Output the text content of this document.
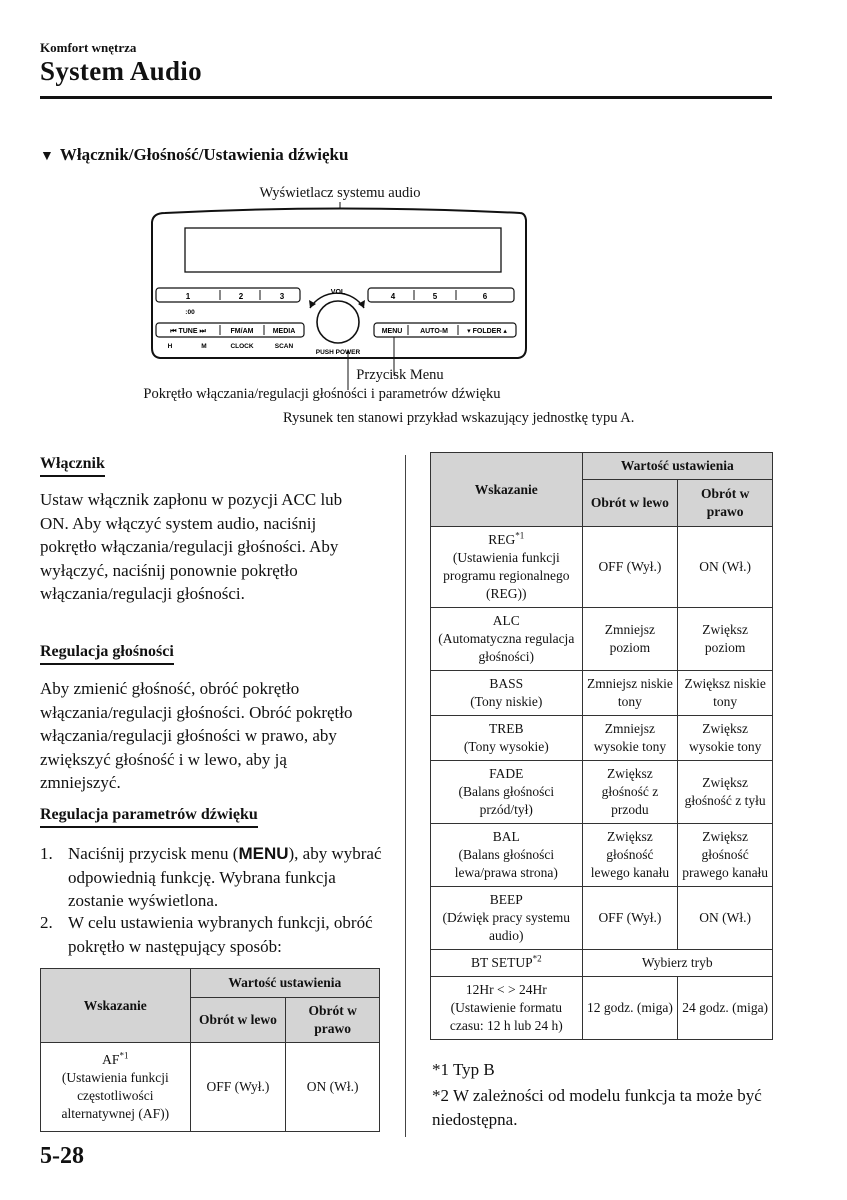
Komfort wnętrza
System Audio
▼ Włącznik/Głośność/Ustawienia dźwięku
Wyświetlacz systemu audio
1	2	3
:00
4	5	6
⏮ TUNE ⏭	FM/AM	MEDIA
H	M	CLOCK	SCAN
MENU	AUTO-M	▾ FOLDER ▴
VOL
PUSH POWER
Przycisk Menu
Pokrętło włączania/regulacji głośności i parametrów dźwięku
Rysunek ten stanowi przykład wskazujący jednostkę typu A.
Włącznik
Ustaw włącznik zapłonu w pozycji ACC lub ON. Aby włączyć system audio, naciśnij pokrętło włączania/regulacji głośności. Aby wyłączyć, naciśnij ponownie pokrętło włączania/regulacji głośności.
Regulacja głośności
Aby zmienić głośność, obróć pokrętło włączania/regulacji głośności. Obróć pokrętło włączania/regulacji głośności w prawo, aby zwiększyć głośność i w lewo, aby ją zmniejszyć.
Regulacja parametrów dźwięku
1. Naciśnij przycisk menu (MENU), aby wybrać odpowiednią funkcję. Wybrana funkcja zostanie wyświetlona.
2. W celu ustawienia wybranych funkcji, obróć pokrętło w następujący sposób:
Wskazanie	Wartość ustawienia	
	Obrót w lewo	Obrót w prawo
AF$^{*1}$
(Ustawienia funkcji częstotliwości alternatywnej (AF))	OFF (Wył.)	ON (Wł.)
Wskazanie	Wartość ustawienia	
	Obrót w lewo	Obrót w prawo
REG$^{*1}$
(Ustawienia funkcji programu regionalnego (REG))	OFF (Wył.)	ON (Wł.)
ALC
(Automatyczna regulacja głośności)	Zmniejsz poziom	Zwiększ poziom
BASS
(Tony niskie)	Zmniejsz niskie tony	Zwiększ niskie tony
TREB
(Tony wysokie)	Zmniejsz wysokie tony	Zwiększ wysokie tony
FADE
(Balans głośności przód/tył)	Zwiększ głośność z przodu	Zwiększ głośność z tyłu
BAL
(Balans głośności lewa/prawa strona)	Zwiększ głośność lewego kanału	Zwiększ głośność prawego kanału
BEEP
(Dźwięk pracy systemu audio)	OFF (Wył.)	ON (Wł.)
BT SETUP$^{*2}$	Wybierz tryb	
12Hr < > 24Hr
(Ustawienie formatu czasu: 12 h lub 24 h)	12 godz. (miga)	24 godz. (miga)
*1 Typ B
*2 W zależności od modelu funkcja ta może być niedostępna.
5-28
